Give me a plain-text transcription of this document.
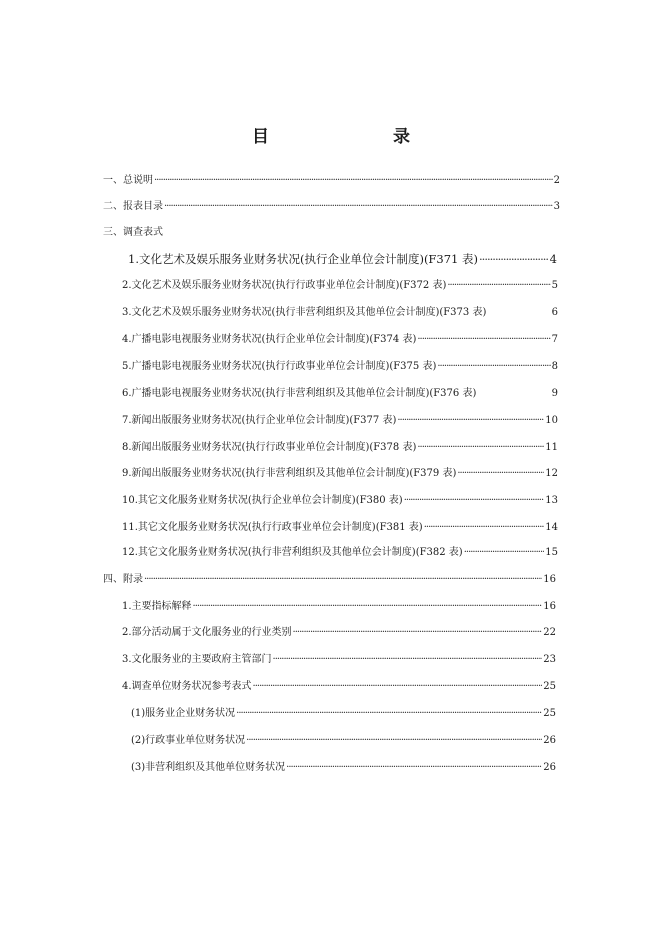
目　　录
一、总说明 ·····	2
二、报表目录 ·····	3
三、调查表式
1.文化艺术及娱乐服务业财务状况(执行企业单位会计制度)(F371 表) ·····	4
2.文化艺术及娱乐服务业财务状况(执行行政事业单位会计制度)(F372 表) ·····	5
3.文化艺术及娱乐服务业财务状况(执行非营利组织及其他单位会计制度)(F373 表)	6
4.广播电影电视服务业财务状况(执行企业单位会计制度)(F374 表) ·····	7
5.广播电影电视服务业财务状况(执行行政事业单位会计制度)(F375 表) ·····	8
6.广播电影电视服务业财务状况(执行非营利组织及其他单位会计制度)(F376 表)	9
7.新闻出版服务业财务状况(执行企业单位会计制度)(F377 表) ·····	10
8.新闻出版服务业财务状况(执行行政事业单位会计制度)(F378 表) ·····	11
9.新闻出版服务业财务状况(执行非营利组织及其他单位会计制度)(F379 表) ·····	12
10.其它文化服务业财务状况(执行企业单位会计制度)(F380 表) ·····	13
11.其它文化服务业财务状况(执行行政事业单位会计制度)(F381 表) ·····	14
12.其它文化服务业财务状况(执行非营利组织及其他单位会计制度)(F382 表) ·····	15
四、附录 ·····	16
1.主要指标解释 ·····	16
2.部分活动属于文化服务业的行业类别 ·····	22
3.文化服务业的主要政府主管部门 ·····	23
4.调查单位财务状况参考表式 ·····	25
(1)服务业企业财务状况 ·····	25
(2)行政事业单位财务状况 ·····	26
(3)非营利组织及其他单位财务状况 ·····	26
